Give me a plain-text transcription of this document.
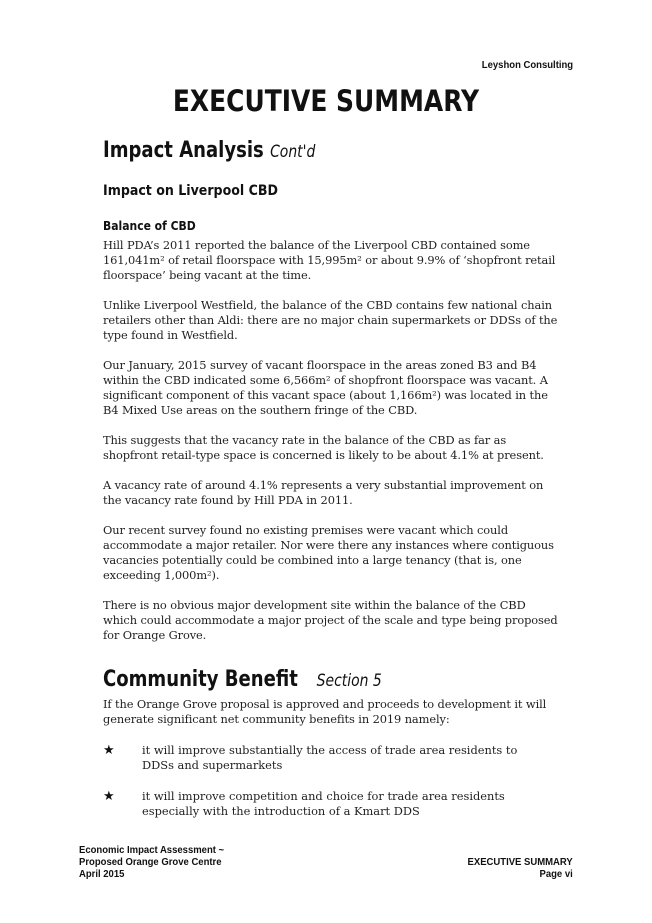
Leyshon Consulting
EXECUTIVE SUMMARY
Impact Analysis Cont'd
Impact on Liverpool CBD
Balance of CBD

Hill PDA’s 2011 reported the balance of the Liverpool CBD contained some 161,041m² of retail floorspace with 15,995m² or about 9.9% of ‘shopfront retail floorspace’ being vacant at the time.

Unlike Liverpool Westfield, the balance of the CBD contains few national chain retailers other than Aldi: there are no major chain supermarkets or DDSs of the type found in Westfield.

Our January, 2015 survey of vacant floorspace in the areas zoned B3 and B4 within the CBD indicated some 6,566m² of shopfront floorspace was vacant. A significant component of this vacant space (about 1,166m²) was located in the B4 Mixed Use areas on the southern fringe of the CBD.

This suggests that the vacancy rate in the balance of the CBD as far as shopfront retail-type space is concerned is likely to be about 4.1% at present.

A vacancy rate of around 4.1% represents a very substantial improvement on the vacancy rate found by Hill PDA in 2011.

Our recent survey found no existing premises were vacant which could accommodate a major retailer. Nor were there any instances where contiguous vacancies potentially could be combined into a large tenancy (that is, one exceeding 1,000m²).

There is no obvious major development site within the balance of the CBD which could accommodate a major project of the scale and type being proposed for Orange Grove.

Community Benefit Section 5

If the Orange Grove proposal is approved and proceeds to development it will generate significant net community benefits in 2019 namely:

★	it will improve substantially the access of trade area residents to DDSs and supermarkets

★	it will improve competition and choice for trade area residents especially with the introduction of a Kmart DDS

Economic Impact Assessment ~
Proposed Orange Grove Centre
April 2015
EXECUTIVE SUMMARY
Page vi
